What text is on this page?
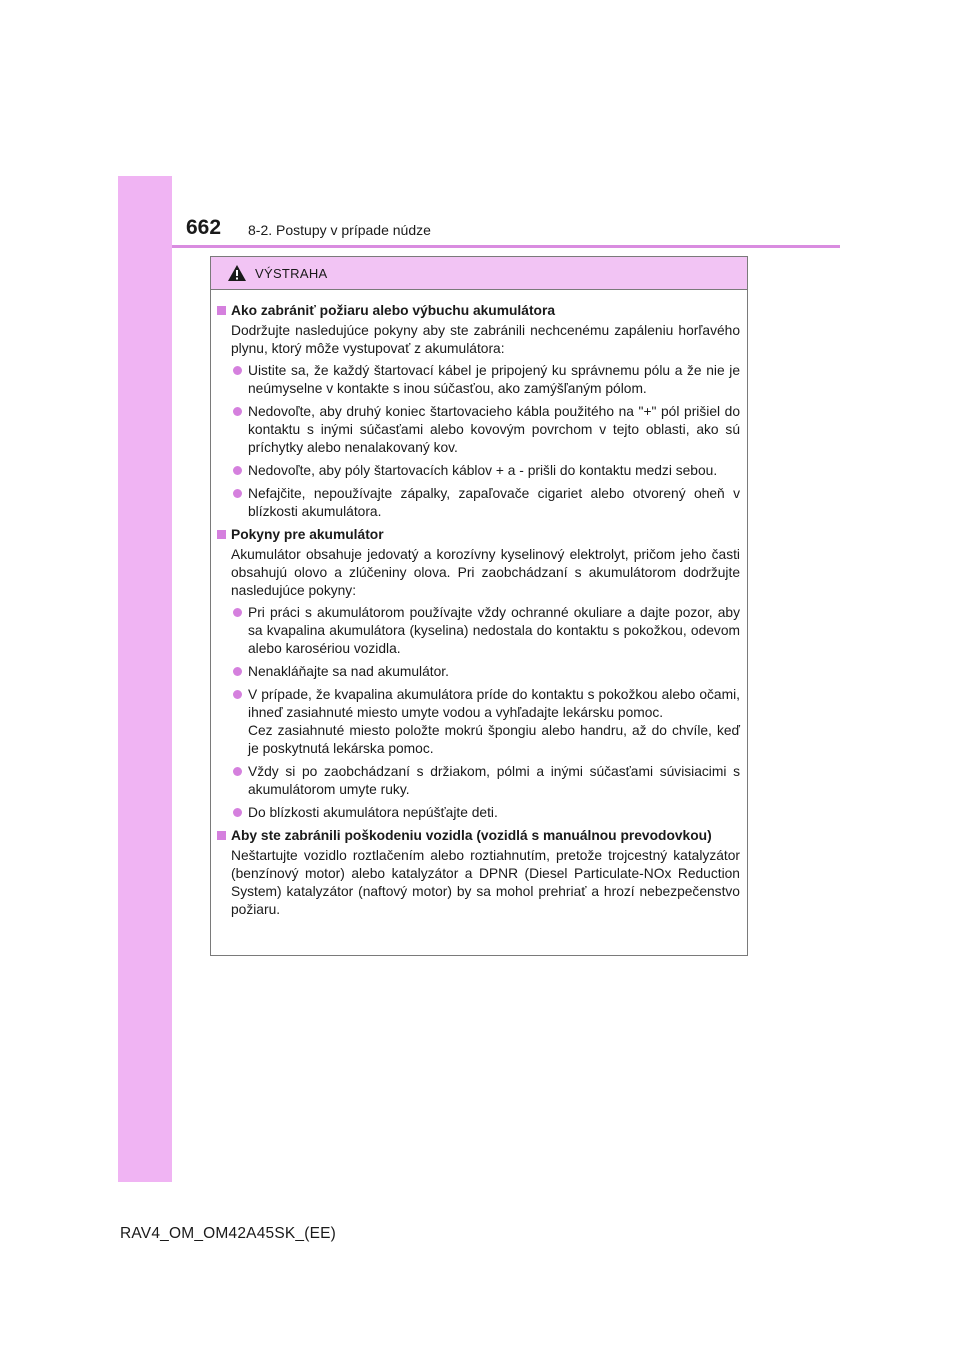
662 8-2. Postupy v prípade núdze
VÝSTRAHA
Ako zabrániť požiaru alebo výbuchu akumulátora
Dodržujte nasledujúce pokyny aby ste zabránili nechcenému zapáleniu horľavého plynu, ktorý môže vystupovať z akumulátora:
Uistite sa, že každý štartovací kábel je pripojený ku správnemu pólu a že nie je neúmyselne v kontakte s inou súčasťou, ako zamýšľaným pólom.
Nedovoľte, aby druhý koniec štartovacieho kábla použitého na "+" pól prišiel do kontaktu s inými súčasťami alebo kovovým povrchom v tejto oblasti, ako sú príchytky alebo nenalakovaný kov.
Nedovoľte, aby póly štartovacích káblov + a - prišli do kontaktu medzi sebou.
Nefajčite, nepoužívajte zápalky, zapaľovače cigariet alebo otvorený oheň v blízkosti akumulátora.
Pokyny pre akumulátor
Akumulátor obsahuje jedovatý a korozívny kyselinový elektrolyt, pričom jeho časti obsahujú olovo a zlúčeniny olova. Pri zaobchádzaní s akumulátorom dodržujte nasledujúce pokyny:
Pri práci s akumulátorom používajte vždy ochranné okuliare a dajte pozor, aby sa kvapalina akumulátora (kyselina) nedostala do kontaktu s pokožkou, odevom alebo karosériou vozidla.
Nenakláňajte sa nad akumulátor.
V prípade, že kvapalina akumulátora príde do kontaktu s pokožkou alebo očami, ihneď zasiahnuté miesto umyte vodou a vyhľadajte lekársku pomoc.
Cez zasiahnuté miesto položte mokrú špongiu alebo handru, až do chvíle, keď je poskytnutá lekárska pomoc.
Vždy si po zaobchádzaní s držiakom, pólmi a inými súčasťami súvisiacimi s akumulátorom umyte ruky.
Do blízkosti akumulátora nepúšťajte deti.
Aby ste zabránili poškodeniu vozidla (vozidlá s manuálnou prevodovkou)
Neštartujte vozidlo roztlačením alebo roztiahnutím, pretože trojcestný katalyzátor (benzínový motor) alebo katalyzátor a DPNR (Diesel Particulate-NOx Reduction System) katalyzátor (naftový motor) by sa mohol prehriať a hrozí nebezpečenstvo požiaru.
RAV4_OM_OM42A45SK_(EE)
